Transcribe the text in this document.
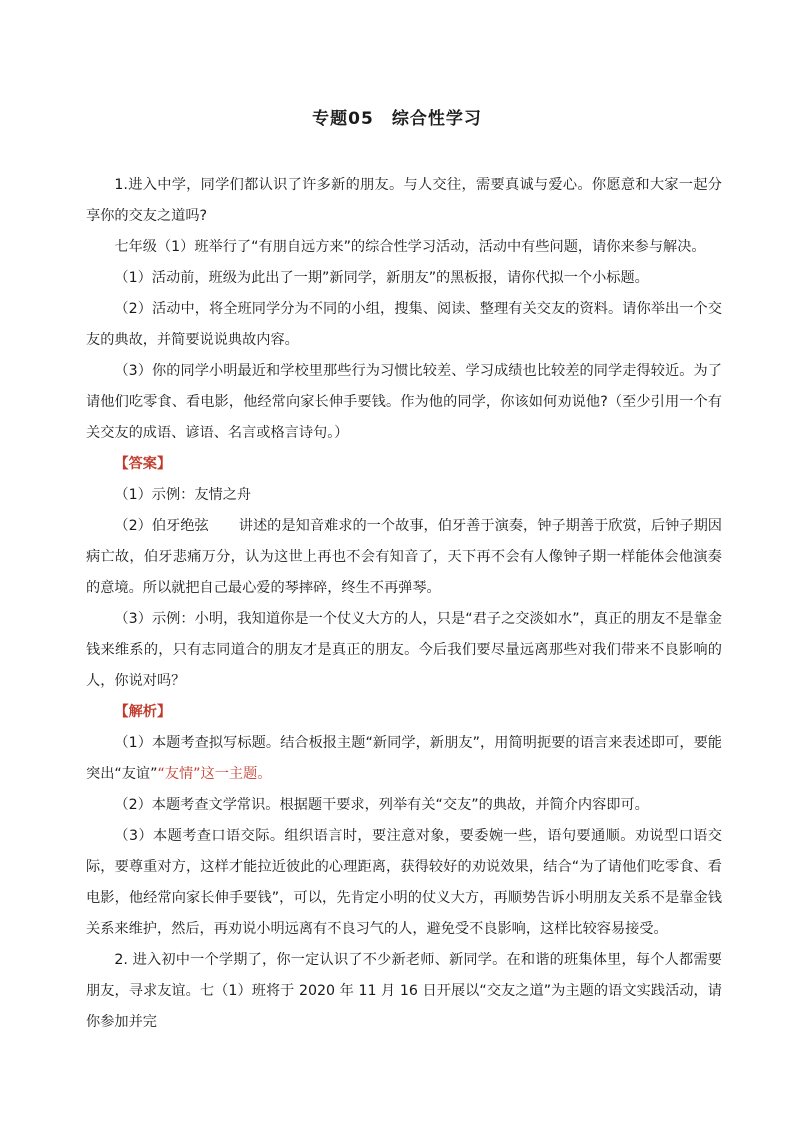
专题05　综合性学习

1.进入中学，同学们都认识了许多新的朋友。与人交往，需要真诚与爱心。你愿意和大家一起分享你的交友之道吗?

七年级（1）班举行了“有朋自远方来”的综合性学习活动，活动中有些问题，请你来参与解决。

（1）活动前，班级为此出了一期”新同学，新朋友”的黑板报，请你代拟一个小标题。

（2）活动中，将全班同学分为不同的小组，搜集、阅读、整理有关交友的资料。请你举出一个交友的典故，并简要说说典故内容。

（3）你的同学小明最近和学校里那些行为习惯比较差、学习成绩也比较差的同学走得较近。为了请他们吃零食、看电影，他经常向家长伸手要钱。作为他的同学，你该如何劝说他?（至少引用一个有关交友的成语、谚语、名言或格言诗句。）

【答案】

（1）示例：友情之舟

（2）伯牙绝弦 讲述的是知音难求的一个故事，伯牙善于演奏，钟子期善于欣赏，后钟子期因病亡故，伯牙悲痛万分，认为这世上再也不会有知音了，天下再不会有人像钟子期一样能体会他演奏的意境。所以就把自己最心爱的琴摔碎，终生不再弹琴。

（3）示例：小明，我知道你是一个仗义大方的人，只是“君子之交淡如水”，真正的朋友不是靠金钱来维系的，只有志同道合的朋友才是真正的朋友。今后我们要尽量远离那些对我们带来不良影响的人，你说对吗？

【解析】

（1）本题考查拟写标题。结合板报主题“新同学，新朋友”，用简明扼要的语言来表述即可，要能突出“友谊”“友情”这一主题。

（2）本题考查文学常识。根据题干要求，列举有关“交友”的典故，并简介内容即可。

（3）本题考查口语交际。组织语言时，要注意对象，要委婉一些，语句要通顺。劝说型口语交际，要尊重对方，这样才能拉近彼此的心理距离，获得较好的劝说效果，结合“为了请他们吃零食、看电影，他经常向家长伸手要钱”，可以，先肯定小明的仗义大方，再顺势告诉小明朋友关系不是靠金钱关系来维护，然后，再劝说小明远离有不良习气的人，避免受不良影响，这样比较容易接受。

2. 进入初中一个学期了，你一定认识了不少新老师、新同学。在和谐的班集体里，每个人都需要朋友，寻求友谊。七（1）班将于 2020 年 11 月 16 日开展以“交友之道”为主题的语文实践活动，请你参加并完
